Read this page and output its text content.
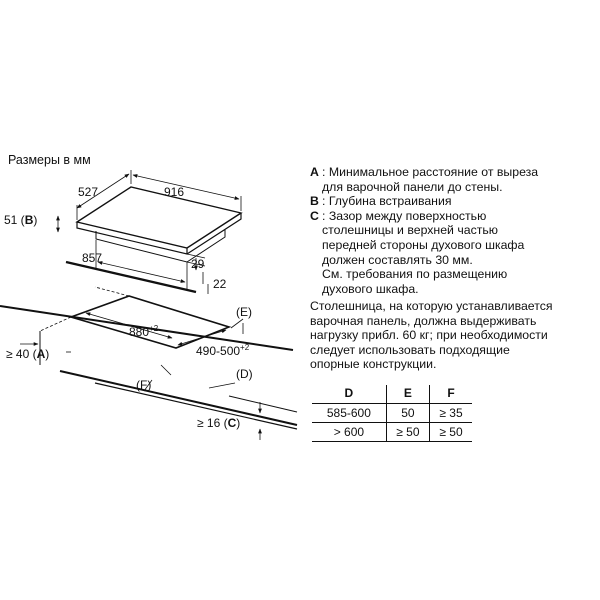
527	916
51 (B)
857	29
22
$880^{+2}$
$490-500^{+2}$
(E)
(D)
(F)
≥ 40 (A)
≥ 16 (C)
Размеры в мм
A : Минимальное расстояние от выреза
для варочной панели до стены.
B : Глубина встраивания
C : Зазор между поверхностью
столешницы и верхней частью
передней стороны духового шкафа
должен составлять 30 мм.
См. требования по размещению
духового шкафа.
Столешница, на которую устанавливается
варочная панель, должна выдерживать
нагрузку прибл. 60 кг; при необходимости
следует использовать подходящие
опорные конструкции.
D	E	F
585-600	50	≥ 35
> 600	≥ 50	≥ 50
